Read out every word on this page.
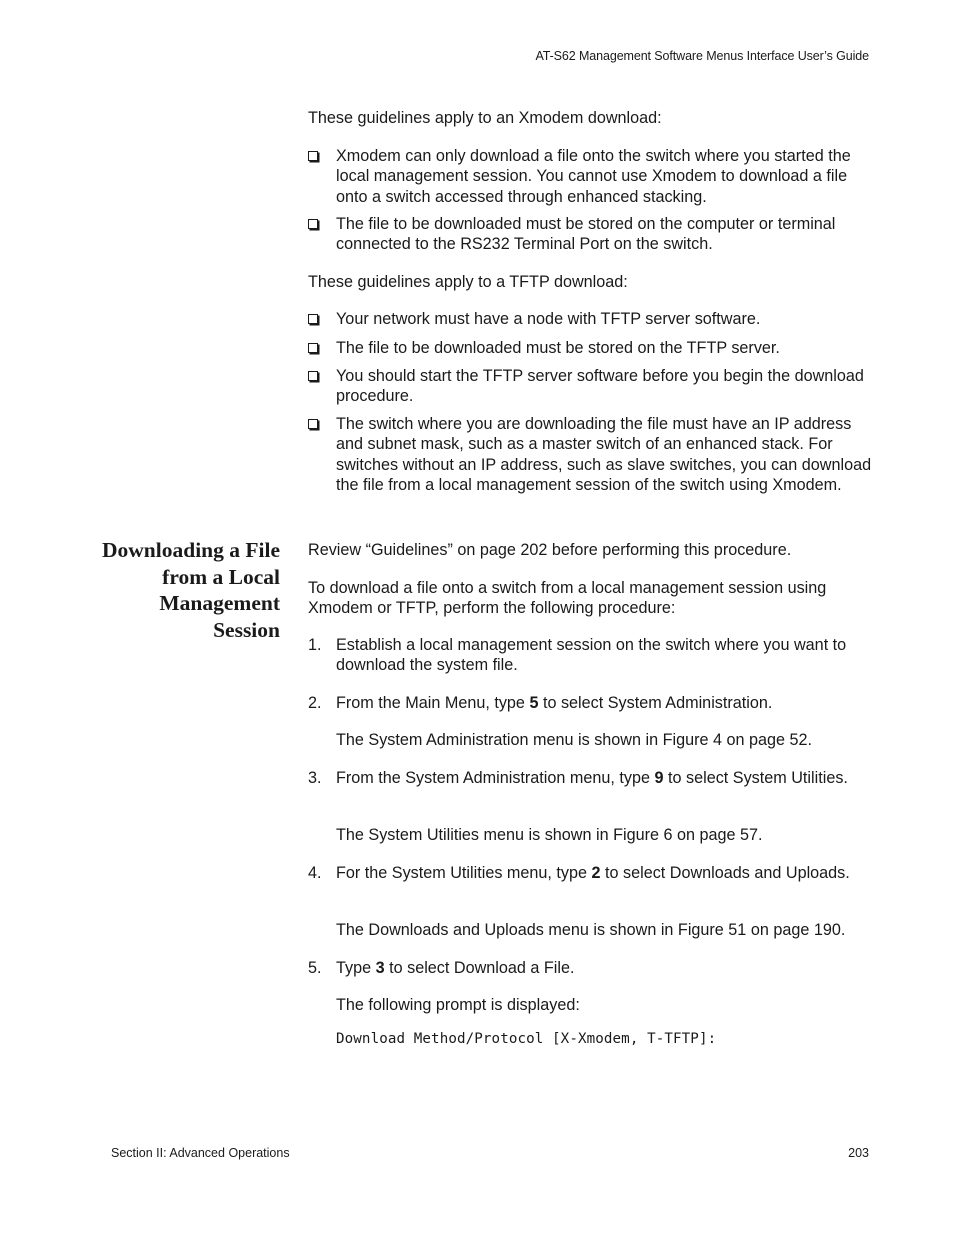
AT-S62 Management Software Menus Interface User’s Guide

These guidelines apply to an Xmodem download:

Xmodem can only download a file onto the switch where you started the local management session. You cannot use Xmodem to download a file onto a switch accessed through enhanced stacking.
The file to be downloaded must be stored on the computer or terminal connected to the RS232 Terminal Port on the switch.

These guidelines apply to a TFTP download:

Your network must have a node with TFTP server software.
The file to be downloaded must be stored on the TFTP server.
You should start the TFTP server software before you begin the download procedure.
The switch where you are downloading the file must have an IP address and subnet mask, such as a master switch of an enhanced stack. For switches without an IP address, such as slave switches, you can download the file from a local management session of the switch using Xmodem.
Downloading a File from a Local Management Session

Review “Guidelines” on page 202 before performing this procedure.

To download a file onto a switch from a local management session using Xmodem or TFTP, perform the following procedure:

1. Establish a local management session on the switch where you want to download the system file.
2. From the Main Menu, type 5 to select System Administration.
The System Administration menu is shown in Figure 4 on page 52.
3. From the System Administration menu, type 9 to select System Utilities.
The System Utilities menu is shown in Figure 6 on page 57.
4. For the System Utilities menu, type 2 to select Downloads and Uploads.
The Downloads and Uploads menu is shown in Figure 51 on page 190.
5. Type 3 to select Download a File.
The following prompt is displayed:
Download Method/Protocol [X-Xmodem, T-TFTP]:
Section II: Advanced Operations	203
